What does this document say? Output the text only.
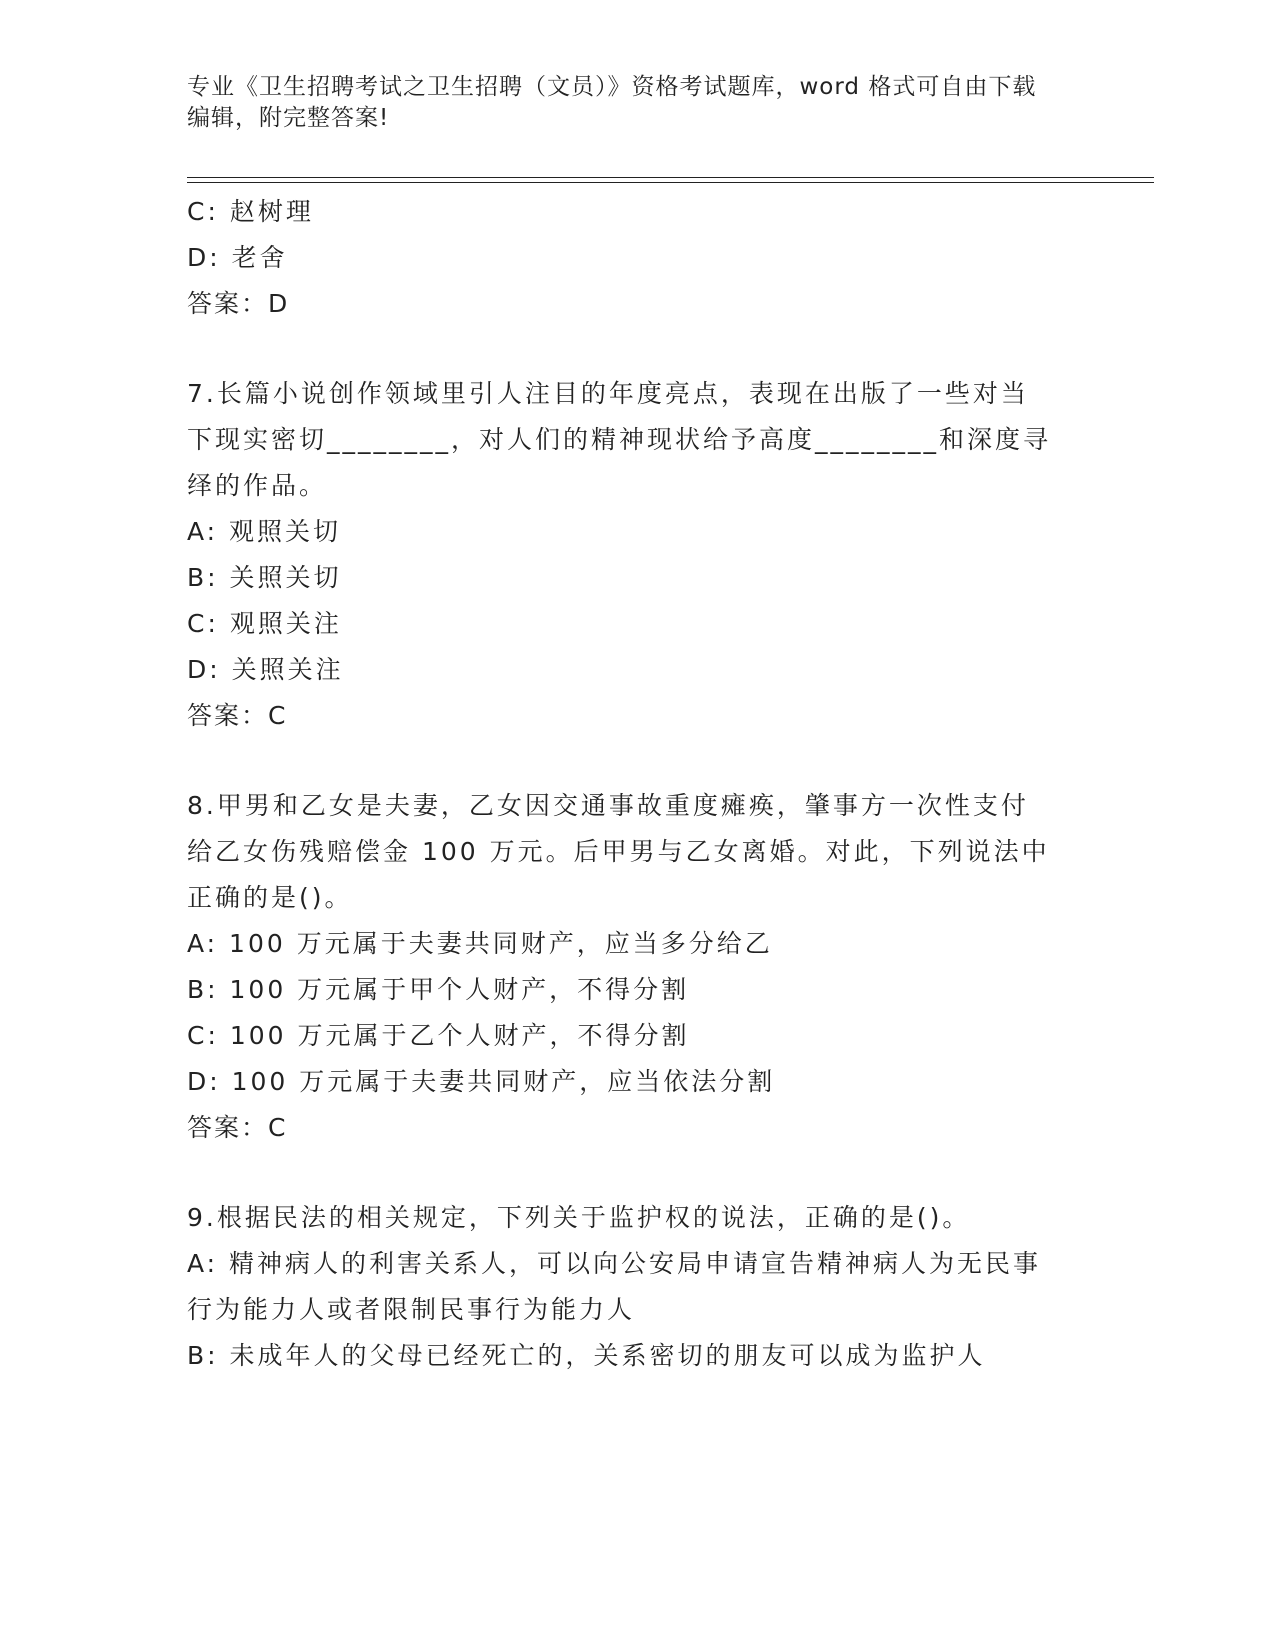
专业《卫生招聘考试之卫生招聘（文员）》资格考试题库，word 格式可自由下载
编辑，附完整答案!
C: 赵树理
D: 老舍
答案：D
7.长篇小说创作领域里引人注目的年度亮点，表现在出版了一些对当
下现实密切________，对人们的精神现状给予高度________和深度寻
绎的作品。
A: 观照关切
B: 关照关切
C: 观照关注
D: 关照关注
答案：C
8.甲男和乙女是夫妻，乙女因交通事故重度瘫痪，肇事方一次性支付
给乙女伤残赔偿金 100 万元。后甲男与乙女离婚。对此，下列说法中
正确的是()。
A: 100 万元属于夫妻共同财产，应当多分给乙
B: 100 万元属于甲个人财产，不得分割
C: 100 万元属于乙个人财产，不得分割
D: 100 万元属于夫妻共同财产，应当依法分割
答案：C
9.根据民法的相关规定，下列关于监护权的说法，正确的是()。
A: 精神病人的利害关系人，可以向公安局申请宣告精神病人为无民事
行为能力人或者限制民事行为能力人
B: 未成年人的父母已经死亡的，关系密切的朋友可以成为监护人
